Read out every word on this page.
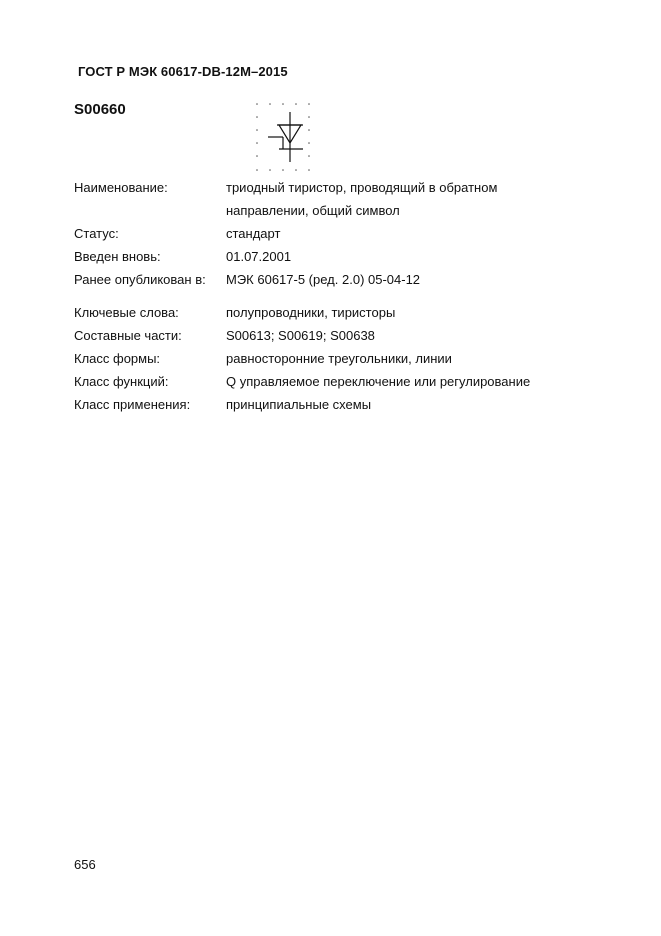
ГОСТ Р МЭК 60617-DB-12M–2015
S00660
Наименование:	триодный тиристор, проводящий в обратном
направлении, общий символ
Статус:	стандарт
Введен вновь:	01.07.2001
Ранее опубликован в: МЭК 60617-5 (ред. 2.0) 05-04-12
Ключевые слова:	полупроводники, тиристоры
Составные части:	S00613; S00619; S00638
Класс формы:	равносторонние треугольники, линии
Класс функций:	Q управляемое переключение или регулирование
Класс применения:	принципиальные схемы
656
